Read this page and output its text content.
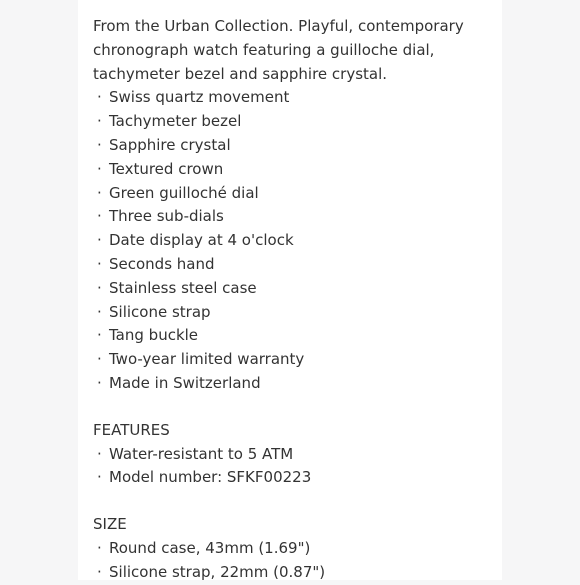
From the Urban Collection. Playful, contemporary chronograph watch featuring a guilloche dial, tachymeter bezel and sapphire crystal.

· Swiss quartz movement
· Tachymeter bezel
· Sapphire crystal
· Textured crown
· Green guilloché dial
· Three sub-dials
· Date display at 4 o'clock
· Seconds hand
· Stainless steel case
· Silicone strap
· Tang buckle
· Two-year limited warranty
· Made in Switzerland

FEATURES

· Water-resistant to 5 ATM
· Model number: SFKF00223

SIZE

· Round case, 43mm (1.69")
· Silicone strap, 22mm (0.87")
